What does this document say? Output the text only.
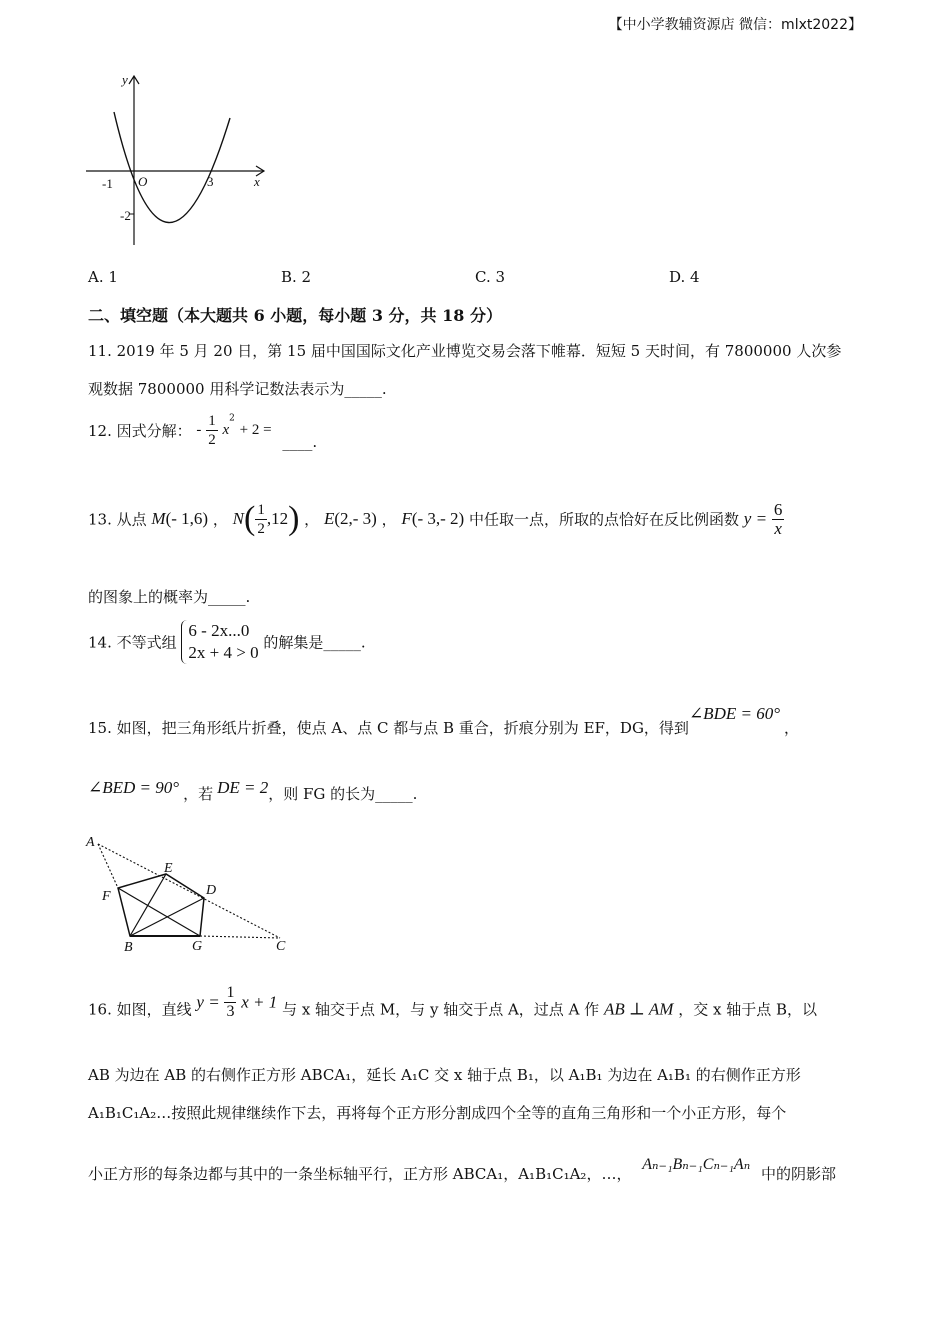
【中小学教辅资源店 微信：mlxt2022】
y
x
O
-1	3
-2
A. 1	B. 2	C. 3	D. 4
二、填空题（本大题共 6 小题，每小题 3 分，共 18 分）
11. 2019 年 5 月 20 日，第 15 届中国国际文化产业博览交易会落下帷幕．短短 5 天时间，有 7800000 人次参
观数据 7800000 用科学记数法表示为_____.
12. 因式分解： - $\frac{1}{2} x^2 + 2$ = ____.
13. 从点 M(- 1,6) ， $N( \frac{1}{2} ,12)$ ， E(2,- 3) ， F(- 3,- 2) 中任取一点，所取的点恰好在反比例函数 $y = \frac{6}{x}$
的图象上的概率为_____.
14. 不等式组
6 - 2x...0
2x + 4 > 0
的解集是_____.
15. 如图，把三角形纸片折叠，使点 A、点 C 都与点 B 重合，折痕分别为 EF，DG，得到∠BDE = 60°，
∠BED = 90° ，若 DE = 2，则 FG 的长为_____.
A
E
F	D
B	G	C
16. 如图，直线 $y = \frac{1}{3}$ x + 1 与 x 轴交于点 M，与 y 轴交于点 A，过点 A 作 AB ⊥ AM ，交 x 轴于点 B，以
AB 为边在 AB 的右侧作正方形 ABCA₁，延长 A₁C 交 x 轴于点 B₁，以 A₁B₁ 为边在 A₁B₁ 的右侧作正方形
A₁B₁C₁A₂…按照此规律继续作下去，再将每个正方形分割成四个全等的直角三角形和一个小正方形，每个
小正方形的每条边都与其中的一条坐标轴平行，正方形 ABCA₁，A₁B₁C₁A₂，…， Aₙ₋₁Bₙ₋₁Cₙ₋₁Aₙ 中的阴影部
